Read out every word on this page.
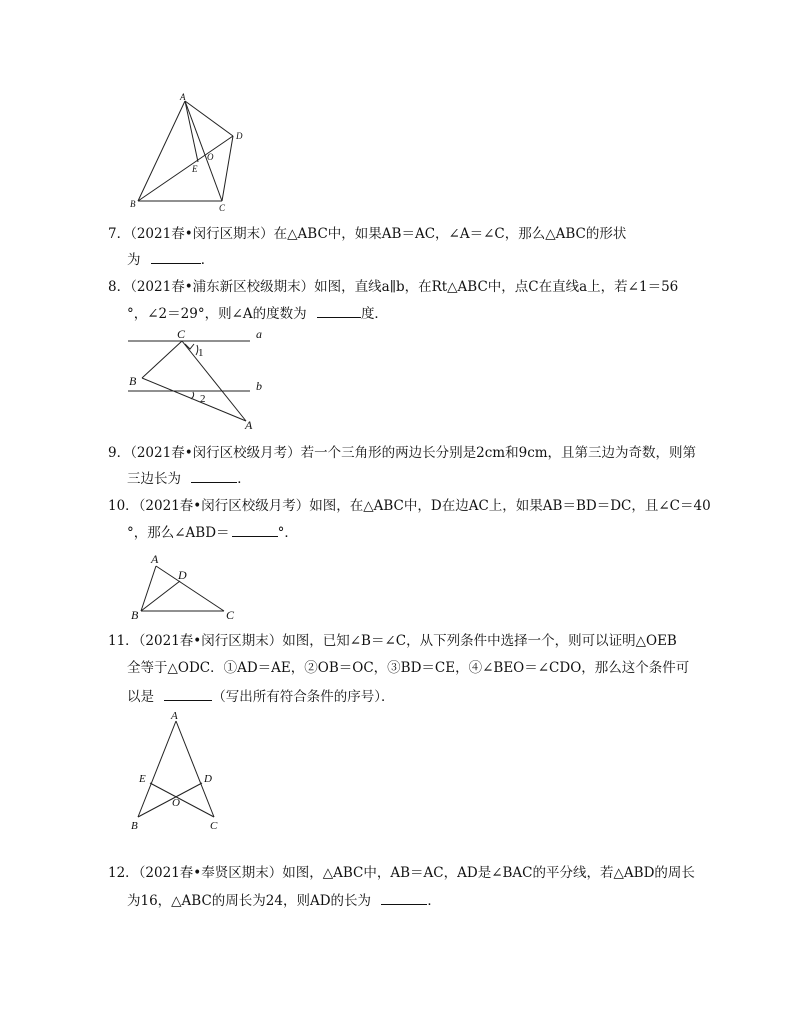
A
D
O
E
B	C
7．（2021春•闵行区期末）在△ABC中，如果AB＝AC，∠A＝∠C，那么△ABC的形状
为	．
8．（2021春•浦东新区校级期末）如图，直线a∥b，在Rt△ABC中，点C在直线a上，若∠1＝56
°，∠2＝29°，则∠A的度数为	度．
C	a
1
B	b
2
A
9．（2021春•闵行区校级月考）若一个三角形的两边长分别是2cm和9cm，且第三边为奇数，则第
三边长为	．
10．（2021春•闵行区校级月考）如图，在△ABC中，D在边AC上，如果AB＝BD＝DC，且∠C＝40
°，那么∠ABD＝	°．
A
D
B	C
11．（2021春•闵行区期末）如图，已知∠B＝∠C，从下列条件中选择一个，则可以证明△OEB
全等于△ODC．①AD＝AE，②OB＝OC，③BD＝CE，④∠BEO＝∠CDO，那么这个条件可
以是	（写出所有符合条件的序号）．
A
E	D
O
B	C
12．（2021春•奉贤区期末）如图，△ABC中，AB＝AC，AD是∠BAC的平分线，若△ABD的周长
为16，△ABC的周长为24，则AD的长为	．
